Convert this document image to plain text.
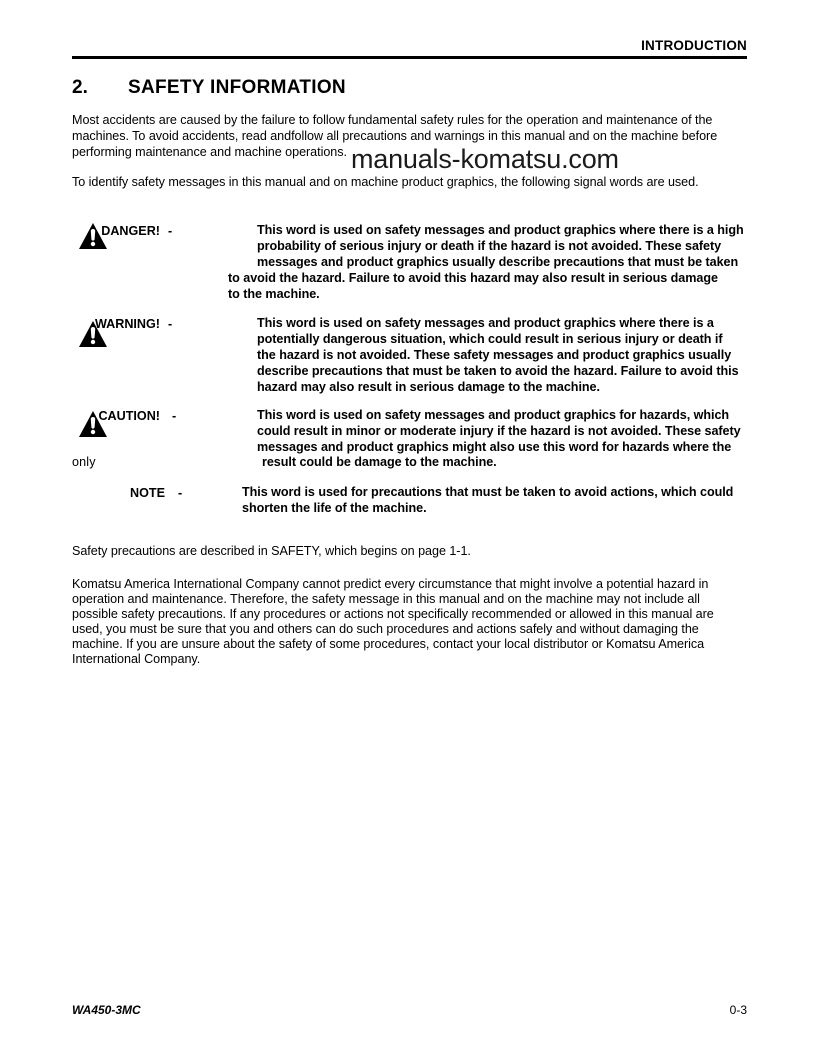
INTRODUCTION
2. SAFETY INFORMATION
Most accidents are caused by the failure to follow fundamental safety rules for the operation and maintenance of the
machines. To avoid accidents, read andfollow all precautions and warnings in this manual and on the machine before
performing maintenance and machine operations.
To identify safety messages in this manual and on machine product graphics, the following signal words are used.
manuals-komatsu.com
DANGER! -	This word is used on safety messages and product graphics where there is a high
probability of serious injury or death if the hazard is not avoided. These safety
messages and product graphics usually describe precautions that must be taken
to avoid the hazard. Failure to avoid this hazard may also result in serious damage
to the machine.
WARNING! -	This word is used on safety messages and product graphics where there is a
potentially dangerous situation, which could result in serious injury or death if
the hazard is not avoided. These safety messages and product graphics usually
describe precautions that must be taken to avoid the hazard. Failure to avoid this
hazard may also result in serious damage to the machine.
CAUTION! -	This word is used on safety messages and product graphics for hazards, which
could result in minor or moderate injury if the hazard is not avoided. These safety
messages and product graphics might also use this word for hazards where the
result could be damage to the machine.
only
NOTE -	This word is used for precautions that must be taken to avoid actions, which could
shorten the life of the machine.
Safety precautions are described in SAFETY, which begins on page 1-1.
Komatsu America International Company cannot predict every circumstance that might involve a potential hazard in
operation and maintenance. Therefore, the safety message in this manual and on the machine may not include all
possible safety precautions. If any procedures or actions not specifically recommended or allowed in this manual are
used, you must be sure that you and others can do such procedures and actions safely and without damaging the
machine. If you are unsure about the safety of some procedures, contact your local distributor or Komatsu America
International Company.
WA450-3MC	0-3
